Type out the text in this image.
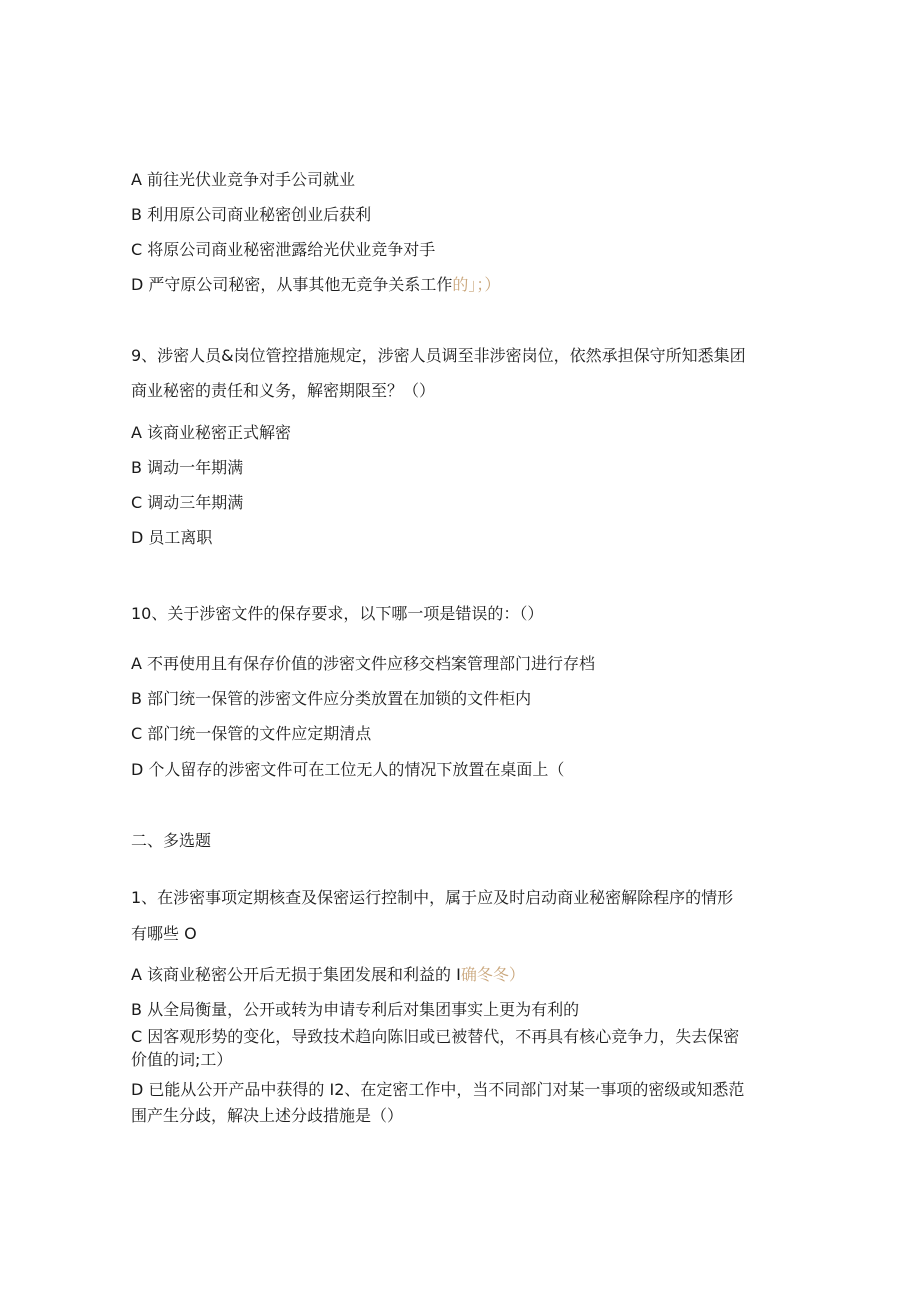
A 前往光伏业竞争对手公司就业
B 利用原公司商业秘密创业后获利
C 将原公司商业秘密泄露给光伏业竞争对手
D 严守原公司秘密，从事其他无竞争关系工作的」；）
9、涉密人员&岗位管控措施规定，涉密人员调至非涉密岗位，依然承担保守所知悉集团
商业秘密的责任和义务，解密期限至？（）
A 该商业秘密正式解密
B 调动一年期满
C 调动三年期满
D 员工离职
10、关于涉密文件的保存要求，以下哪一项是错误的：（）
A 不再使用且有保存价值的涉密文件应移交档案管理部门进行存档
B 部门统一保管的涉密文件应分类放置在加锁的文件柜内
C 部门统一保管的文件应定期清点
D 个人留存的涉密文件可在工位无人的情况下放置在桌面上（
二、多选题
1、在涉密事项定期核查及保密运行控制中，属于应及时启动商业秘密解除程序的情形
有哪些 O
A 该商业秘密公开后无损于集团发展和利益的 I确冬冬）
B 从全局衡量，公开或转为申请专利后对集团事实上更为有利的
C 因客观形势的变化，导致技术趋向陈旧或已被替代，不再具有核心竞争力，失去保密
价值的词;工）
D 已能从公开产品中获得的 I2、在定密工作中，当不同部门对某一事项的密级或知悉范
围产生分歧，解决上述分歧措施是（）
